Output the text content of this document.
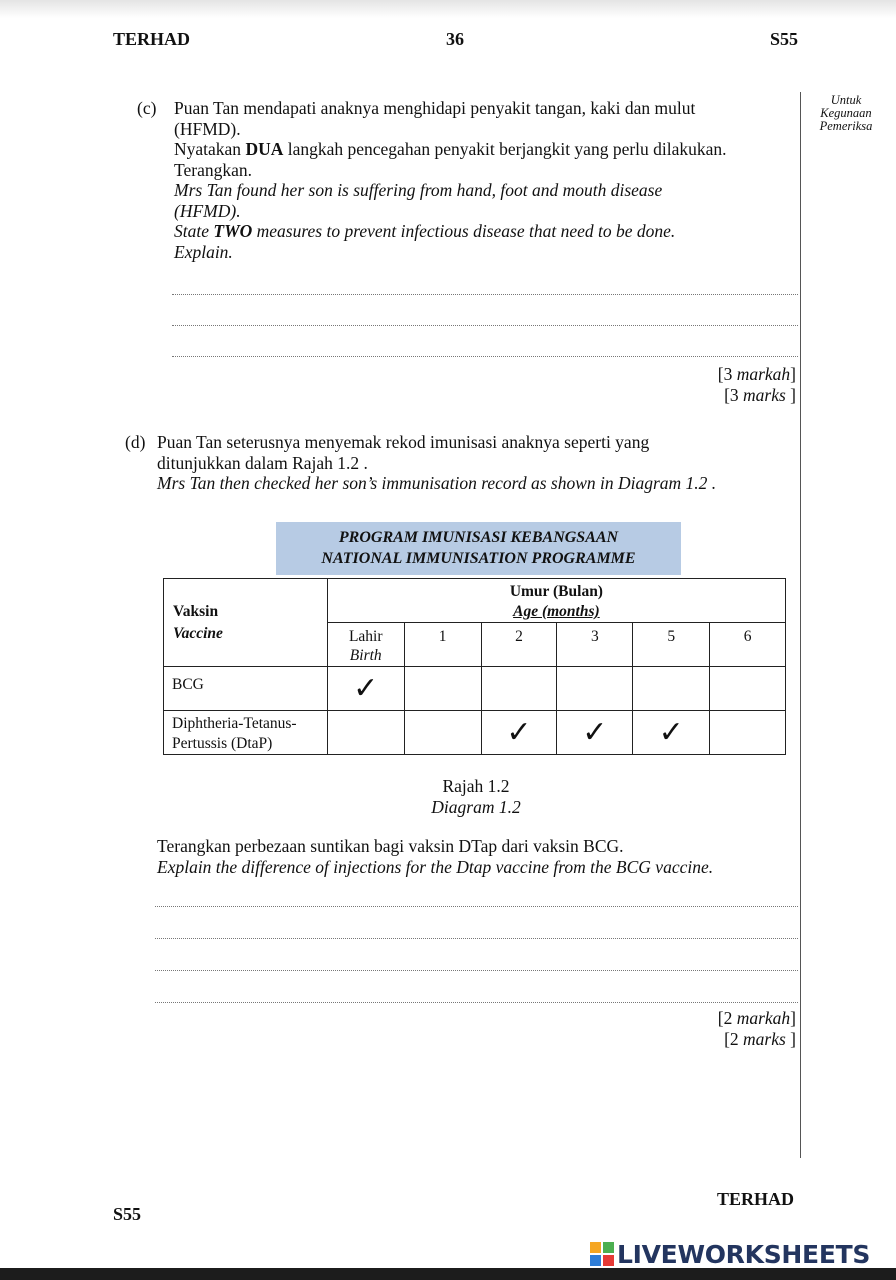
TERHAD	36	S55
Untuk
Kegunaan
Pemeriksa
(c) Puan Tan mendapati anaknya menghidapi penyakit tangan, kaki dan mulut
(HFMD).
Nyatakan DUA langkah pencegahan penyakit berjangkit yang perlu dilakukan.
Terangkan.
Mrs Tan found her son is suffering from hand, foot and mouth disease
(HFMD).
State TWO measures to prevent infectious disease that need to be done.
Explain.
[3 markah]
[3 marks ]
(d) Puan Tan seterusnya menyemak rekod imunisasi anaknya seperti yang
ditunjukkan dalam Rajah 1.2 .
Mrs Tan then checked her son’s immunisation record as shown in Diagram 1.2 .
PROGRAM IMUNISASI KEBANGSAAN
NATIONAL IMMUNISATION PROGRAMME
Vaksin
Vaccine	Umur (Bulan)
Age (months)					

	Lahir
Birth	1	2	3	5	6

BCG	✓					

Diphtheria-Tetanus-
Pertussis (DtaP)			✓	✓	✓	
Rajah 1.2
Diagram 1.2
Terangkan perbezaan suntikan bagi vaksin DTap dari vaksin BCG.
Explain the difference of injections for the Dtap vaccine from the BCG vaccine.
[2 markah]
[2 marks ]
S55
TERHAD
LIVEWORKSHEETS
